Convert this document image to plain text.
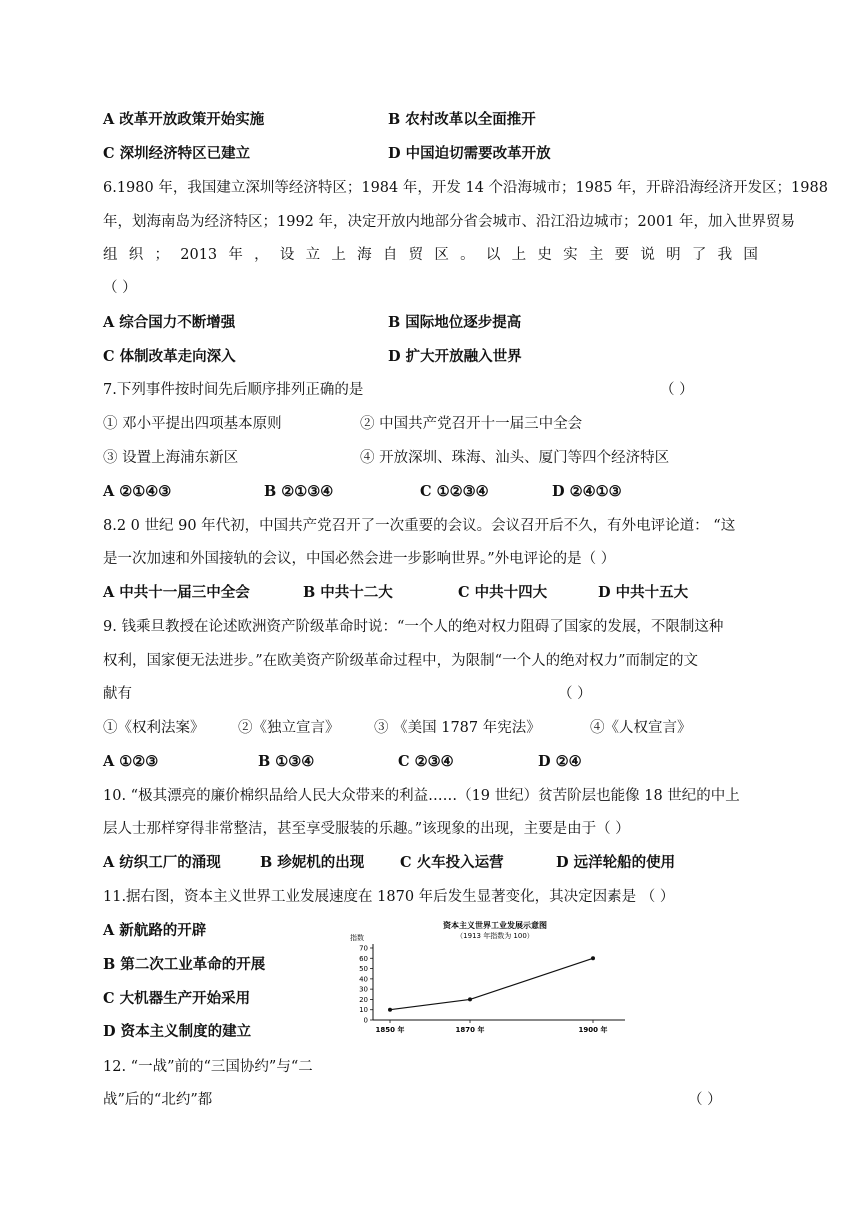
A 改革开放政策开始实施	B 农村改革以全面推开
C 深圳经济特区已建立	D 中国迫切需要改革开放
6.1980 年，我国建立深圳等经济特区；1984 年，开发 14 个沿海城市；1985 年，开辟沿海经济开发区；1988
年，划海南岛为经济特区；1992 年，决定开放内地部分省会城市、沿江沿边城市；2001 年，加入世界贸易
组 织 ； 2013 年 ， 设 立 上 海 自 贸 区 。 以 上 史 实 主 要 说 明 了 我 国
（ ）
A 综合国力不断增强	B 国际地位逐步提高
C 体制改革走向深入	D 扩大开放融入世界
7.下列事件按时间先后顺序排列正确的是	（ ）
① 邓小平提出四项基本原则	② 中国共产党召开十一届三中全会
③ 设置上海浦东新区	④ 开放深圳、珠海、汕头、厦门等四个经济特区
A ②①④③	B ②①③④	C ①②③④	D ②④①③
8.2 0 世纪 90 年代初，中国共产党召开了一次重要的会议。会议召开后不久，有外电评论道： “这
是一次加速和外国接轨的会议，中国必然会进一步影响世界。”外电评论的是（ ）
A 中共十一届三中全会	B 中共十二大	C 中共十四大	D 中共十五大
9. 钱乘旦教授在论述欧洲资产阶级革命时说：“一个人的绝对权力阻碍了国家的发展，不限制这种
权利，国家便无法进步。”在欧美资产阶级革命过程中，为限制“一个人的绝对权力”而制定的文
献有	（ ）
①《权利法案》 ②《独立宣言》 ③ 《美国 1787 年宪法》	④《人权宣言》
A ①②③	B ①③④	C ②③④	D ②④
10. “极其漂亮的廉价棉织品给人民大众带来的利益……（19 世纪）贫苦阶层也能像 18 世纪的中上
层人士那样穿得非常整洁，甚至享受服装的乐趣。”该现象的出现，主要是由于（ ）
A 纺织工厂的涌现	B 珍妮机的出现 C 火车投入运营	D 远洋轮船的使用
11.据右图，资本主义世界工业发展速度在 1870 年后发生显著变化，其决定因素是 （ ）
A 新航路的开辟
B 第二次工业革命的开展
C 大机器生产开始采用
D 资本主义制度的建立
资本主义世界工业发展示意图
（1913 年指数为 100）
指数
0
10
20
30
40
50
60
70
1850 年	1870 年	1900 年
12. “一战”前的“三国协约”与“二
战”后的“北约”都	（ ）
